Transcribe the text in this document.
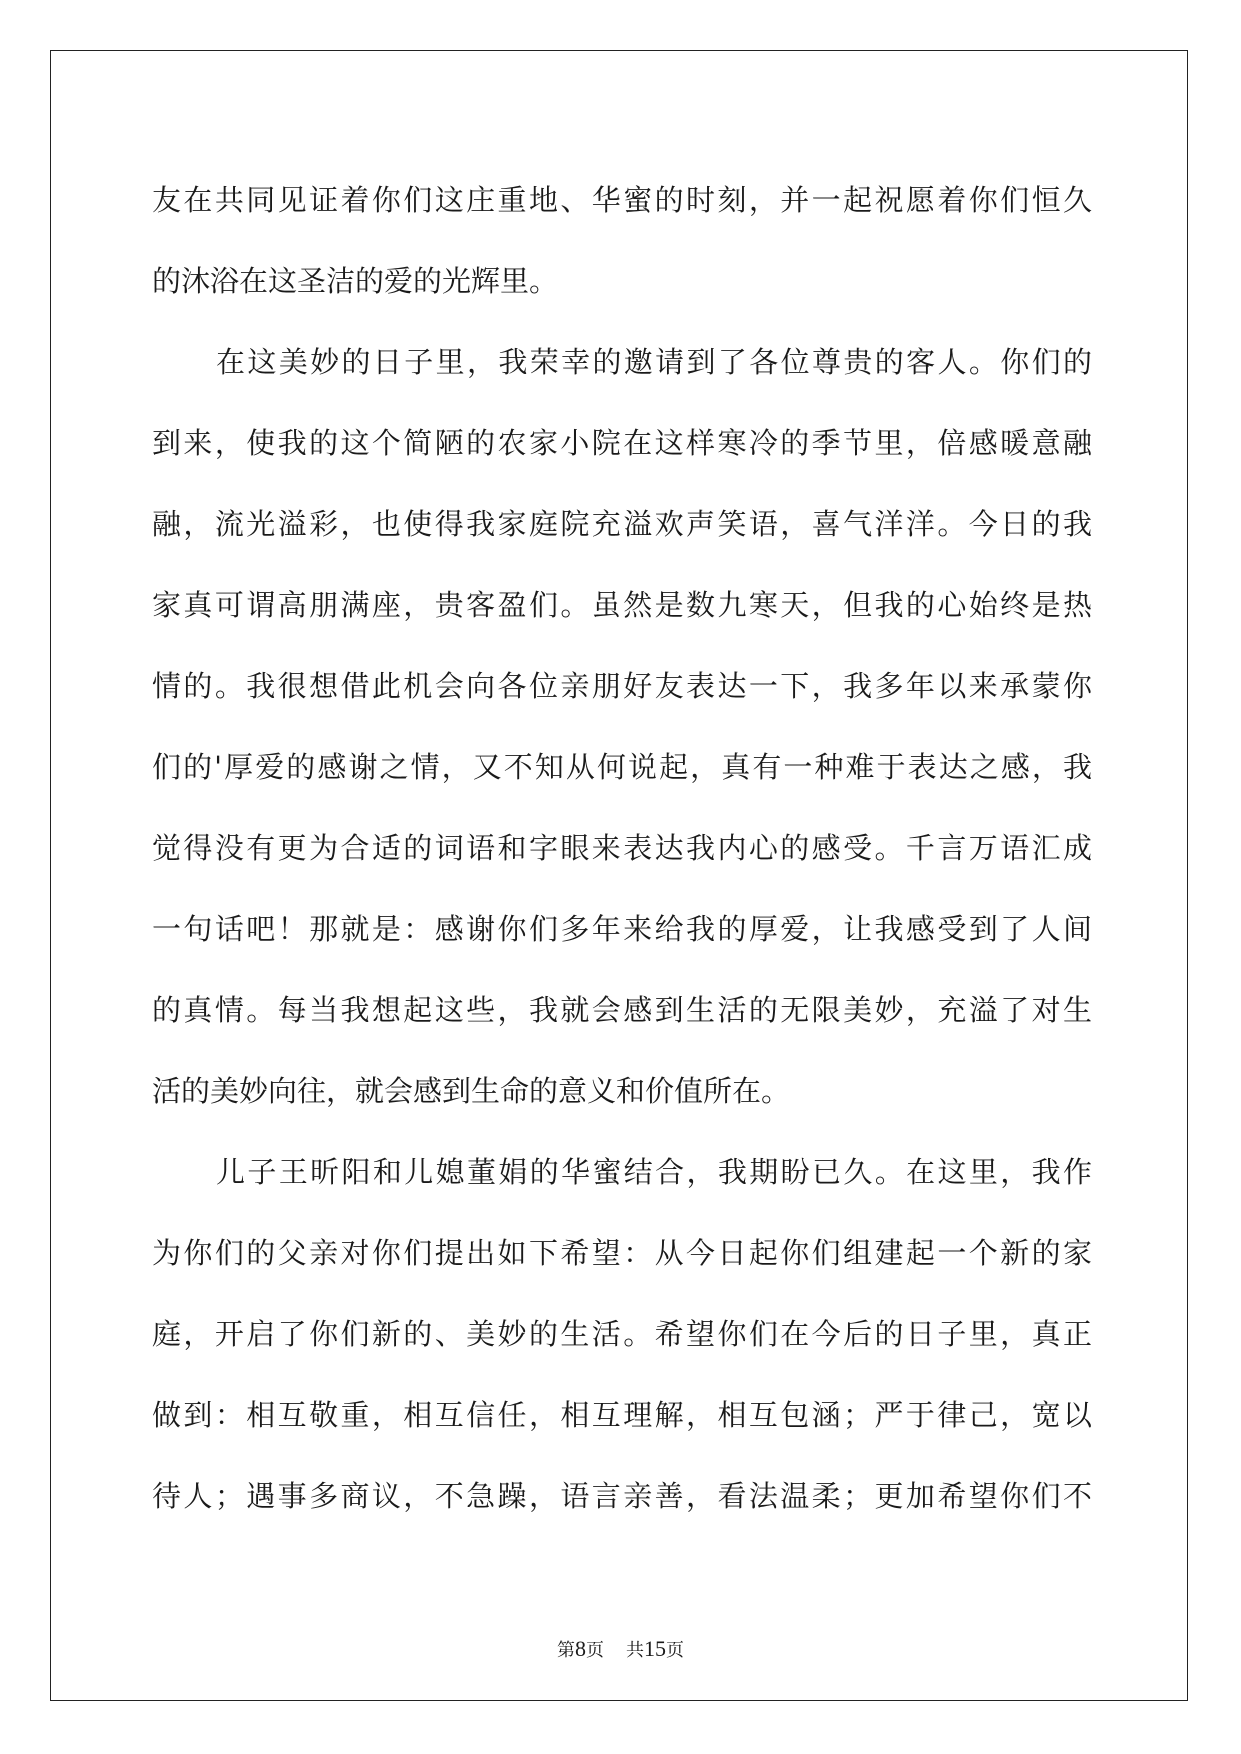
友在共同见证着你们这庄重地、华蜜的时刻，并一起祝愿着你们恒久
的沐浴在这圣洁的爱的光辉里。
在这美妙的日子里，我荣幸的邀请到了各位尊贵的客人。你们的
到来，使我的这个简陋的农家小院在这样寒冷的季节里，倍感暖意融
融，流光溢彩，也使得我家庭院充溢欢声笑语，喜气洋洋。今日的我
家真可谓高朋满座，贵客盈们。虽然是数九寒天，但我的心始终是热
情的。我很想借此机会向各位亲朋好友表达一下，我多年以来承蒙你
们的'厚爱的感谢之情，又不知从何说起，真有一种难于表达之感，我
觉得没有更为合适的词语和字眼来表达我内心的感受。千言万语汇成
一句话吧！那就是：感谢你们多年来给我的厚爱，让我感受到了人间
的真情。每当我想起这些，我就会感到生活的无限美妙，充溢了对生
活的美妙向往，就会感到生命的意义和价值所在。
儿子王昕阳和儿媳董娟的华蜜结合，我期盼已久。在这里，我作
为你们的父亲对你们提出如下希望：从今日起你们组建起一个新的家
庭，开启了你们新的、美妙的生活。希望你们在今后的日子里，真正
做到：相互敬重，相互信任，相互理解，相互包涵；严于律己，宽以
待人；遇事多商议，不急躁，语言亲善，看法温柔；更加希望你们不
第8页 共15页
